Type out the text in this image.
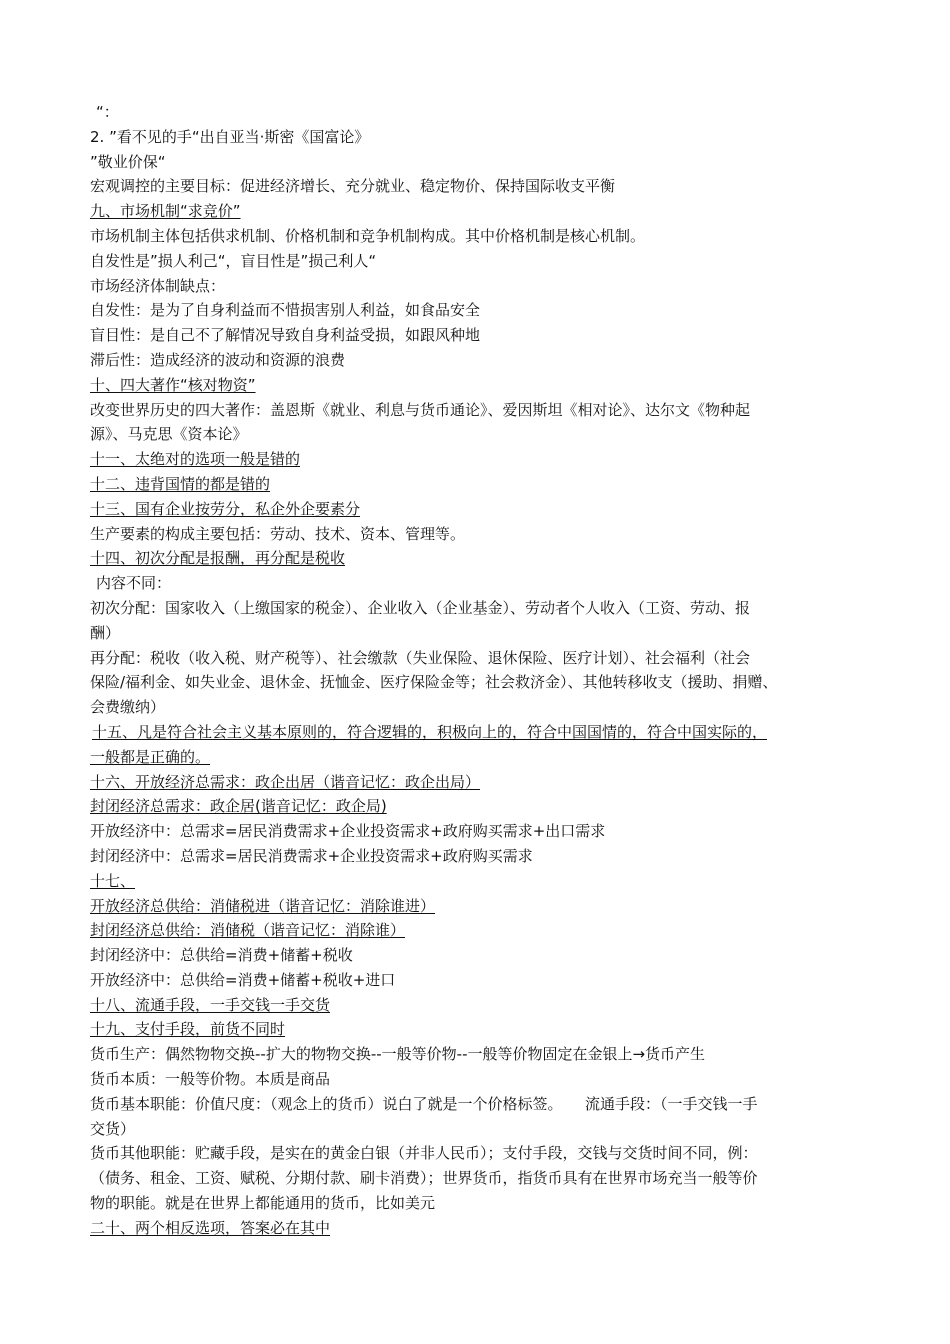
“：
2. ”看不见的手“出自亚当·斯密《国富论》
”敬业价保“
宏观调控的主要目标：促进经济增长、充分就业、稳定物价、保持国际收支平衡
九、市场机制“求竞价”
市场机制主体包括供求机制、价格机制和竞争机制构成。其中价格机制是核心机制。
自发性是”损人利己“，盲目性是”损己利人“
市场经济体制缺点：
自发性：是为了自身利益而不惜损害别人利益，如食品安全
盲目性：是自己不了解情况导致自身利益受损，如跟风种地
滞后性：造成经济的波动和资源的浪费
十、四大著作“核对物资”
改变世界历史的四大著作：盖恩斯《就业、利息与货币通论》、爱因斯坦《相对论》、达尔文《物种起
源》、马克思《资本论》
十一、太绝对的选项一般是错的
十二、违背国情的都是错的
十三、国有企业按劳分，私企外企要素分
生产要素的构成主要包括：劳动、技术、资本、管理等。
十四、初次分配是报酬，再分配是税收
内容不同：
初次分配：国家收入（上缴国家的税金）、企业收入（企业基金）、劳动者个人收入（工资、劳动、报
酬）
再分配：税收（收入税、财产税等）、社会缴款（失业保险、退休保险、医疗计划）、社会福利（社会
保险/福利金、如失业金、退休金、抚恤金、医疗保险金等；社会救济金）、其他转移收支（援助、捐赠、
会费缴纳）
十五、凡是符合社会主义基本原则的，符合逻辑的，积极向上的，符合中国国情的，符合中国实际的，
一般都是正确的。
十六、开放经济总需求：政企出居（谐音记忆：政企出局）
封闭经济总需求：政企居(谐音记忆：政企局)
开放经济中：总需求=居民消费需求+企业投资需求+政府购买需求+出口需求
封闭经济中：总需求=居民消费需求+企业投资需求+政府购买需求
十七、
开放经济总供给：消储税进（谐音记忆：消除谁进）
封闭经济总供给：消储税（谐音记忆：消除谁）
封闭经济中：总供给=消费+储蓄+税收
开放经济中：总供给=消费+储蓄+税收+进口
十八、流通手段，一手交钱一手交货
十九、支付手段，前货不同时
货币生产：偶然物物交换--扩大的物物交换--一般等价物--一般等价物固定在金银上→货币产生
货币本质：一般等价物。本质是商品
货币基本职能：价值尺度：（观念上的货币）说白了就是一个价格标签。　　流通手段：（一手交钱一手
交货）
货币其他职能：贮藏手段，是实在的黄金白银（并非人民币）；支付手段，交钱与交货时间不同，例：
（债务、租金、工资、赋税、分期付款、刷卡消费）；世界货币，指货币具有在世界市场充当一般等价
物的职能。就是在世界上都能通用的货币，比如美元
二十、两个相反选项，答案必在其中
